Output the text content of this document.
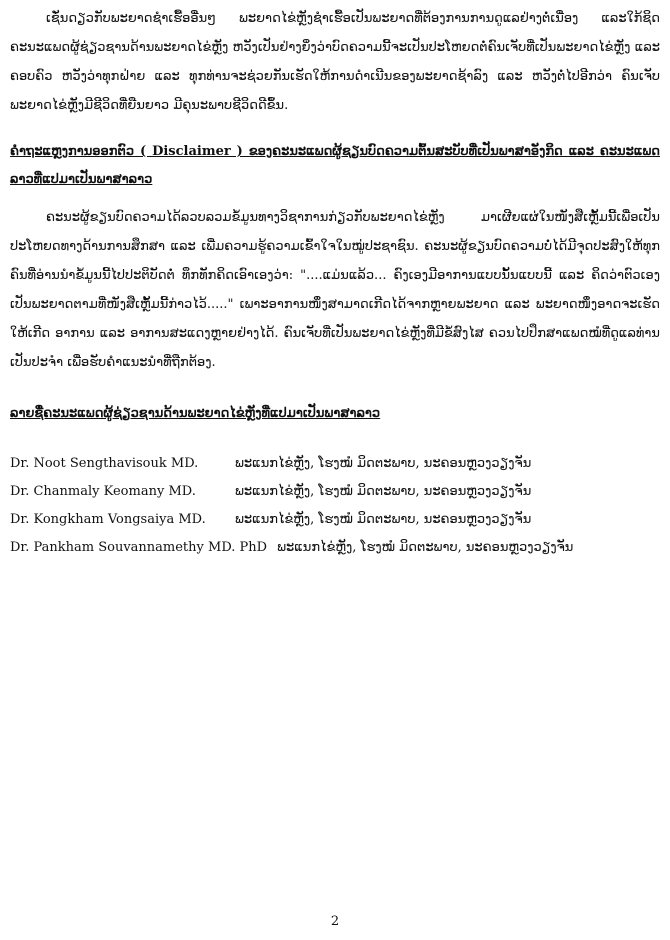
ເຊັ່ນດຽວກັບພະຍາດຊຳເຮື້ອອື່ນໆ ພະຍາດໄຂ່ຫຼັງຊຳເຮື້ອເປັນພະຍາດທີ່ຕ້ອງການການດູແລຢ່າງຕໍ່ເນື່ອງ ແລະໃກ້ຊິດ ຄະນະແພດຜູ້ຊ່ຽວຊານດ້ານພະຍາດໄຂ່ຫຼັງ ຫວັງເປັນຢ່າງຍິ່ງວ່າບົດຄວາມນີ້ຈະເປັນປະໂຫຍດຕໍ່ຄົນເຈັບທີ່ເປັນພະຍາດໄຂ່ຫຼັງ ແລະ ຄອບຄົວ ຫວັງວ່າທຸກຝ່າຍ ແລະ ທຸກທ່ານຈະຊ່ວຍກັນເຮັດໃຫ້ການດຳເນີນຂອງພະຍາດຊ້າລົງ ແລະ ຫວັງຕໍ່ໄປອີກວ່າ ຄົນເຈັບພະຍາດໄຂ່ຫຼັງມີຊີວິດທີ່ຍືນຍາວ ມີຄຸນະພາບຊີວິດດີຂຶ້ນ.

ຄຳຖະແຫຼງການອອກຕົວ ( Disclaimer ) ຂອງຄະນະແພດຜູ້ຊຽນບົດຄວາມຕົ້ນສະບັບທີ່ເປັນພາສາອັງກິດ ແລະ ຄະນະແພດລາວທີ່ແປມາເປັນພາສາລາວ

ຄະນະຜູ້ຂຽນບົດຄວາມໄດ້ລວບລວມຂໍ້ມູນທາງວິຊາການກ່ຽວກັບພະຍາດໄຂ່ຫຼັງ ມາເຜີຍແຜ່ໃນໜັງສືເຫຼັ້ມນີ້ເພື່ອເປັນປະໂຫຍດທາງດ້ານການສຶກສາ ແລະ ເພີ່ມຄວາມຮູ້ຄວາມເຂົ້າໃຈໃນໝູ່ປະຊາຊົນ. ຄະນະຜູ້ຂຽນບົດຄວາມບໍ່ໄດ້ມີຈຸດປະສົງໃຫ້ທຸກຄົນທີ່ອ່ານນຳຂໍ້ມູນນີ້ໄປປະຕິບັດຕໍ່ ທຶກທັກຄິດເອົາເອງວ່າ: "....ແມ່ນແລ້ວ... ຄົງເອງມີອາການແບບນັ້ນແບບນີ້ ແລະ ຄິດວ່າຕົວເອງເປັນພະຍາດຕາມທີ່ໜັງສືເຫຼັ້ມນີ້ກ່າວໄວ້....." ເພາະອາການໜຶ່ງສາມາດເກີດໄດ້ຈາກຫຼາຍພະຍາດ ແລະ ພະຍາດໜຶ່ງອາດຈະເຮັດໃຫ້ເກີດ ອາການ ແລະ ອາການສະແດງຫຼາຍຢ່າງໄດ້. ຄົນເຈັບທີ່ເປັນພະຍາດໄຂ່ຫຼັງທີ່ມີຂໍ້ສົງໄສ ຄວນໄປປຶກສາແພດໝໍທີ່ດູແລທ່ານເປັນປະຈຳ ເພື່ອຮັບຄຳແນະນຳທີ່ຖືກຕ້ອງ.

ລາຍຊື່ຄະນະແພດຜູ້ຊ່ຽວຊານດ້ານພະຍາດໄຂ່ຫຼັງທີ່ແປມາເປັນພາສາລາວ

Dr. Noot Sengthavisouk MD.	ພະແນກໄຂ່ຫຼັງ, ໂຮງໝໍ ມິດຕະພາບ, ນະຄອນຫຼວງວຽງຈັນ
Dr. Chanmaly Keomany MD.	ພະແນກໄຂ່ຫຼັງ, ໂຮງໝໍ ມິດຕະພາບ, ນະຄອນຫຼວງວຽງຈັນ
Dr. Kongkham Vongsaiya MD.	ພະແນກໄຂ່ຫຼັງ, ໂຮງໝໍ ມິດຕະພາບ, ນະຄອນຫຼວງວຽງຈັນ
Dr. Pankham Souvannamethy MD. PhD ພະແນກໄຂ່ຫຼັງ, ໂຮງໝໍ ມິດຕະພາບ, ນະຄອນຫຼວງວຽງຈັນ
2
